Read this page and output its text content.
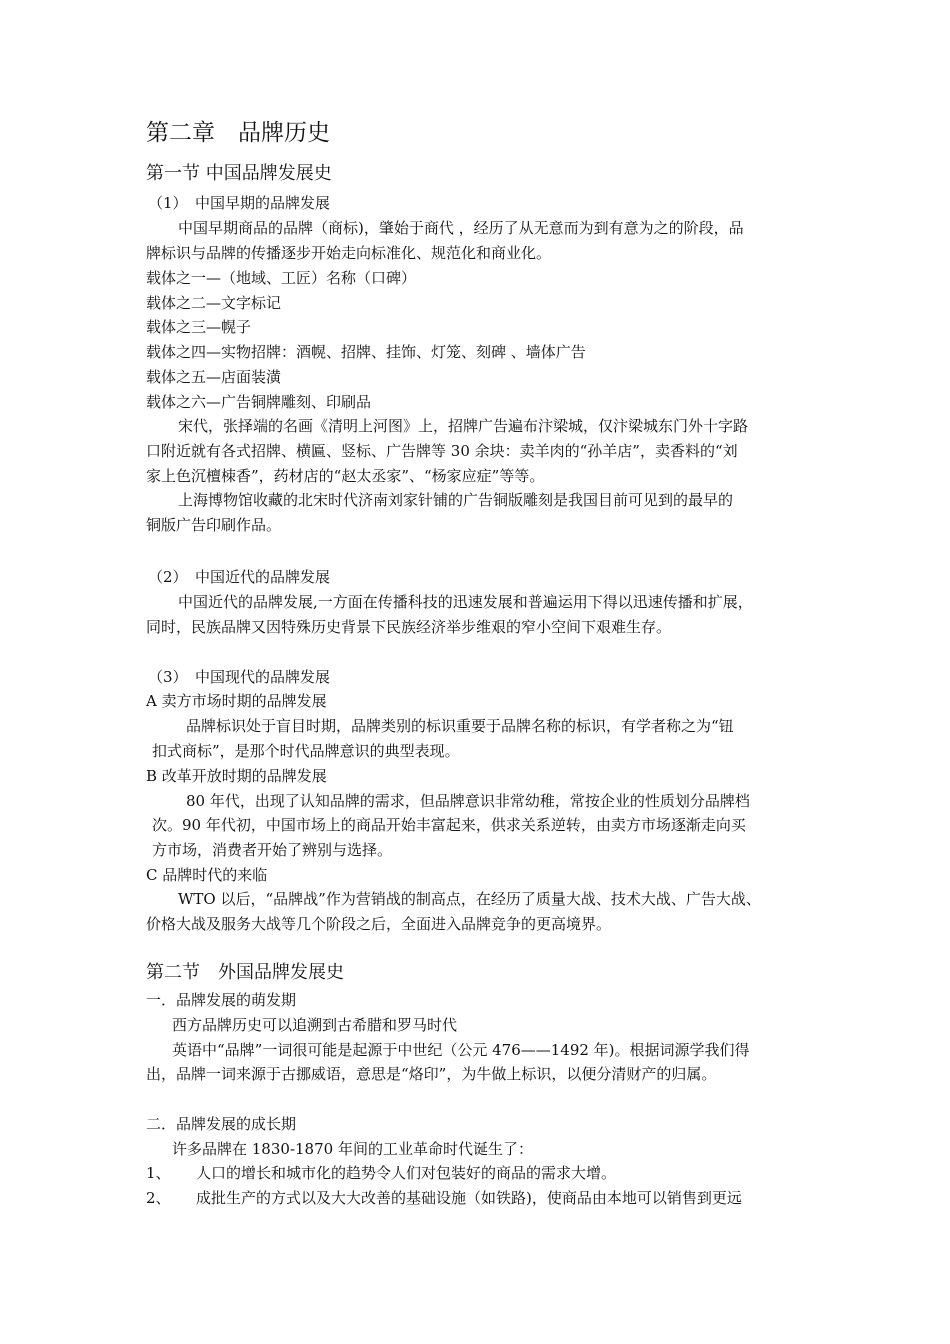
第二章　品牌历史
第一节 中国品牌发展史
（1）　中国早期的品牌发展
中国早期商品的品牌（商标)，肇始于商代 ，经历了从无意而为到有意为之的阶段，品
牌标识与品牌的传播逐步开始走向标准化、规范化和商业化。
载体之一—（地域、工匠）名称（口碑）
载体之二—文字标记
载体之三—幌子
载体之四—实物招牌：酒幌、招牌、挂饰、灯笼、刻碑 、墙体广告
载体之五—店面装潢
载体之六—广告铜牌雕刻、印刷品
宋代，张择端的名画《清明上河图》上，招牌广告遍布汴梁城，仅汴梁城东门外十字路
口附近就有各式招牌、横匾、竖标、广告牌等 30 余块：卖羊肉的“孙羊店”，卖香料的“刘
家上色沉檀栜香”，药材店的“赵太丞家”、“杨家应症”等等。
上海博物馆收藏的北宋时代济南刘家针铺的广告铜版雕刻是我国目前可见到的最早的
铜版广告印刷作品。
（2）　中国近代的品牌发展
中国近代的品牌发展,一方面在传播科技的迅速发展和普遍运用下得以迅速传播和扩展，
同时，民族品牌又因特殊历史背景下民族经济举步维艰的窄小空间下艰难生存。
（3）　中国现代的品牌发展
A 卖方市场时期的品牌发展
品牌标识处于盲目时期，品牌类别的标识重要于品牌名称的标识，有学者称之为“钮
扣式商标”，是那个时代品牌意识的典型表现。
B 改革开放时期的品牌发展
80 年代，出现了认知品牌的需求，但品牌意识非常幼稚，常按企业的性质划分品牌档
次。90 年代初，中国市场上的商品开始丰富起来，供求关系逆转，由卖方市场逐渐走向买
方市场，消费者开始了辨别与选择。
C 品牌时代的来临
WTO 以后，“品牌战”作为营销战的制高点，在经历了质量大战、技术大战、广告大战、
价格大战及服务大战等几个阶段之后，全面进入品牌竞争的更高境界。
第二节　外国品牌发展史
一．品牌发展的萌发期
西方品牌历史可以追溯到古希腊和罗马时代
英语中“品牌”一词很可能是起源于中世纪（公元 476——1492 年)。根据词源学我们得
出，品牌一词来源于古挪威语，意思是“烙印”，为牛做上标识，以便分清财产的归属。
二．品牌发展的成长期
许多品牌在 1830-1870 年间的工业革命时代诞生了：
1、 人口的增长和城市化的趋势令人们对包装好的商品的需求大增。
2、 成批生产的方式以及大大改善的基础设施（如铁路)，使商品由本地可以销售到更远
